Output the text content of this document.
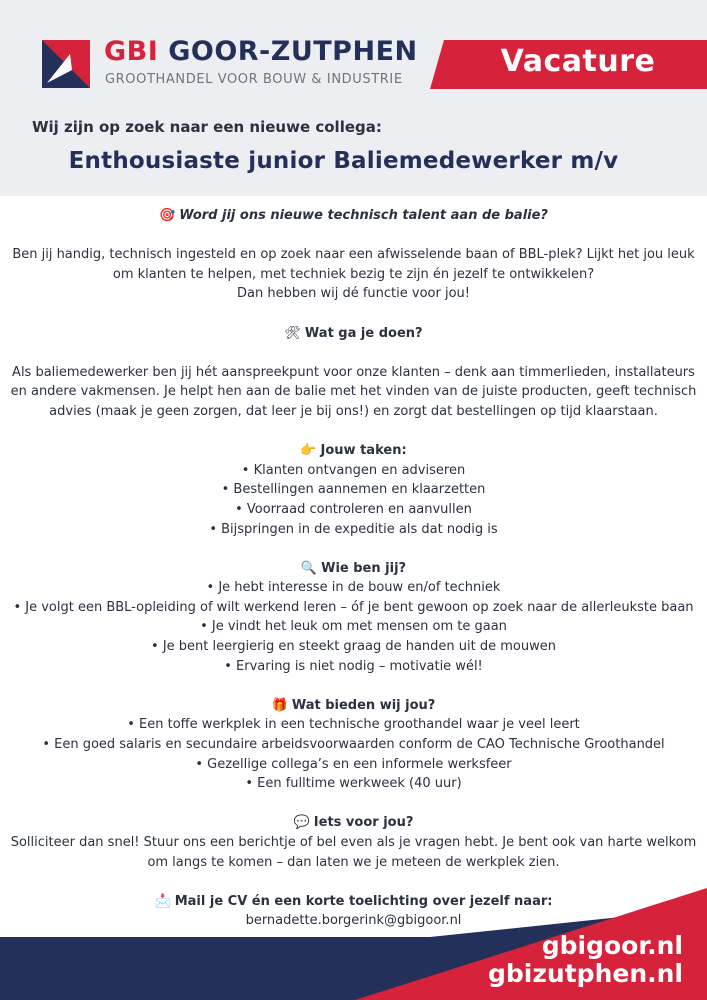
GBI GOOR-ZUTPHEN
GROOTHANDEL VOOR BOUW & INDUSTRIE
Vacature
Wij zijn op zoek naar een nieuwe collega:
Enthousiaste junior Baliemedewerker m/v

🎯 Word jij ons nieuwe technisch talent aan de balie?

Ben jij handig, technisch ingesteld en op zoek naar een afwisselende baan of BBL-plek? Lijkt het jou leuk

om klanten te helpen, met techniek bezig te zijn én jezelf te ontwikkelen?

Dan hebben wij dé functie voor jou!

🛠 Wat ga je doen?

Als baliemedewerker ben jij hét aanspreekpunt voor onze klanten – denk aan timmerlieden, installateurs

en andere vakmensen. Je helpt hen aan de balie met het vinden van de juiste producten, geeft technisch

advies (maak je geen zorgen, dat leer je bij ons!) en zorgt dat bestellingen op tijd klaarstaan.

👉 Jouw taken:

• Klanten ontvangen en adviseren

• Bestellingen aannemen en klaarzetten

• Voorraad controleren en aanvullen

• Bijspringen in de expeditie als dat nodig is

🔍 Wie ben jij?

• Je hebt interesse in de bouw en/of techniek

• Je volgt een BBL-opleiding of wilt werkend leren – óf je bent gewoon op zoek naar de allerleukste baan

• Je vindt het leuk om met mensen om te gaan

• Je bent leergierig en steekt graag de handen uit de mouwen

• Ervaring is niet nodig – motivatie wél!

🎁 Wat bieden wij jou?

• Een toffe werkplek in een technische groothandel waar je veel leert

• Een goed salaris en secundaire arbeidsvoorwaarden conform de CAO Technische Groothandel

• Gezellige collega’s en een informele werksfeer

• Een fulltime werkweek (40 uur)

💬 Iets voor jou?

Solliciteer dan snel! Stuur ons een berichtje of bel even als je vragen hebt. Je bent ook van harte welkom

om langs te komen – dan laten we je meteen de werkplek zien.

📩 Mail je CV én een korte toelichting over jezelf naar:

bernadette.borgerink@gbigoor.nl

gbigoor.nl
gbizutphen.nl
